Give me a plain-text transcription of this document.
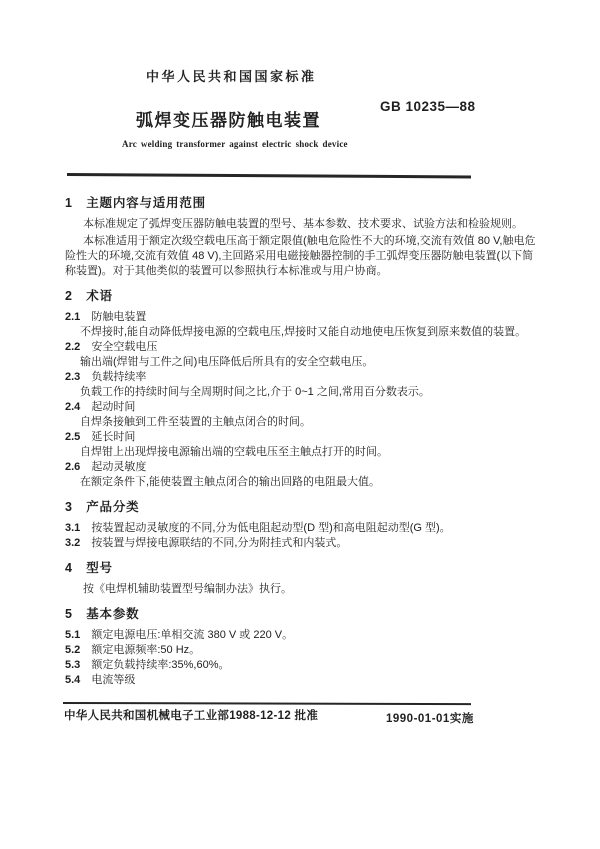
中华人民共和国国家标准
GB 10235—88
弧焊变压器防触电装置
Arc welding transformer against electric shock device
1 主题内容与适用范围

本标准规定了弧焊变压器防触电装置的型号、基本参数、技术要求、试验方法和检验规则。

本标准适用于额定次级空载电压高于额定限值(触电危险性不大的环境,交流有效值 80 V,触电危险性大的环境,交流有效值 48 V),主回路采用电磁接触器控制的手工弧焊变压器防触电装置(以下简称装置)。对于其他类似的装置可以参照执行本标准或与用户协商。

2 术语
2.1 防触电装置

不焊接时,能自动降低焊接电源的空载电压,焊接时又能自动地使电压恢复到原来数值的装置。

2.2 安全空载电压

输出端(焊钳与工件之间)电压降低后所具有的安全空载电压。

2.3 负载持续率

负载工作的持续时间与全周期时间之比,介于 0~1 之间,常用百分数表示。

2.4 起动时间

自焊条接触到工件至装置的主触点闭合的时间。

2.5 延长时间

自焊钳上出现焊接电源输出端的空载电压至主触点打开的时间。

2.6 起动灵敏度

在额定条件下,能使装置主触点闭合的输出回路的电阻最大值。

3 产品分类
3.1 按装置起动灵敏度的不同,分为低电阻起动型(D 型)和高电阻起动型(G 型)。
3.2 按装置与焊接电源联结的不同,分为附挂式和内装式。
4 型号

按《电焊机辅助装置型号编制办法》执行。

5 基本参数
5.1 额定电源电压:单相交流 380 V 或 220 V。
5.2 额定电源频率:50 Hz。
5.3 额定负载持续率:35%,60%。
5.4 电流等级
中华人民共和国机械电子工业部1988-12-12 批准	1990-01-01实施
